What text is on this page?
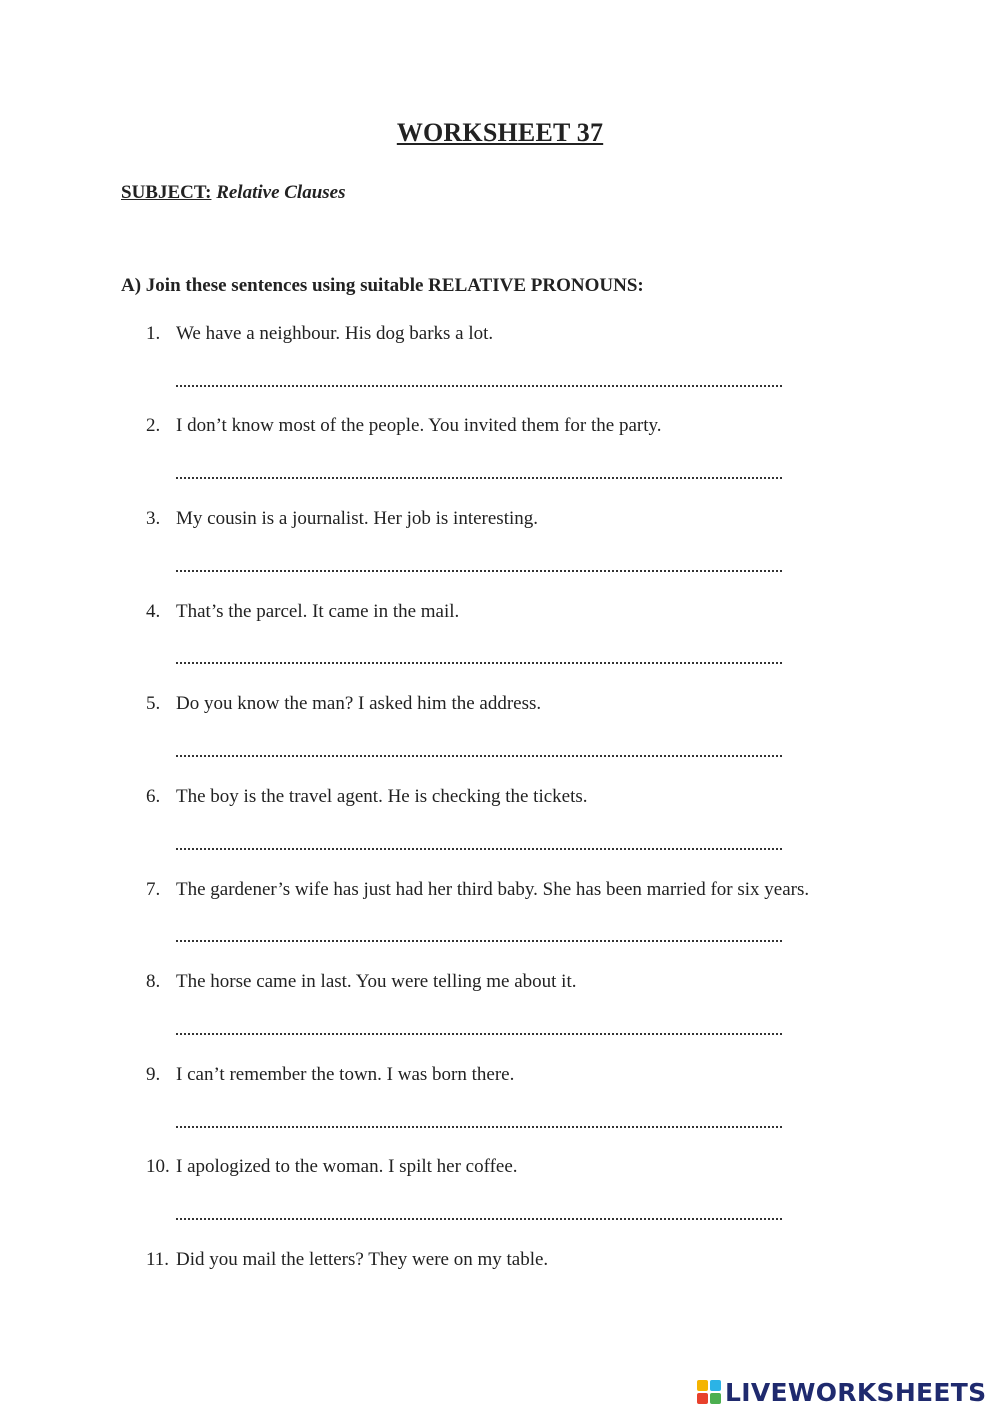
WORKSHEET 37
SUBJECT: Relative Clauses
A) Join these sentences using suitable RELATIVE PRONOUNS:
1. We have a neighbour. His dog barks a lot.
2. I don’t know most of the people. You invited them for the party.
3. My cousin is a journalist. Her job is interesting.
4. That’s the parcel. It came in the mail.
5. Do you know the man? I asked him the address.
6. The boy is the travel agent. He is checking the tickets.
7. The gardener’s wife has just had her third baby. She has been married for six years.
8. The horse came in last. You were telling me about it.
9. I can’t remember the town. I was born there.
10. I apologized to the woman. I spilt her coffee.
11. Did you mail the letters? They were on my table.
LIVEWORKSHEETS
